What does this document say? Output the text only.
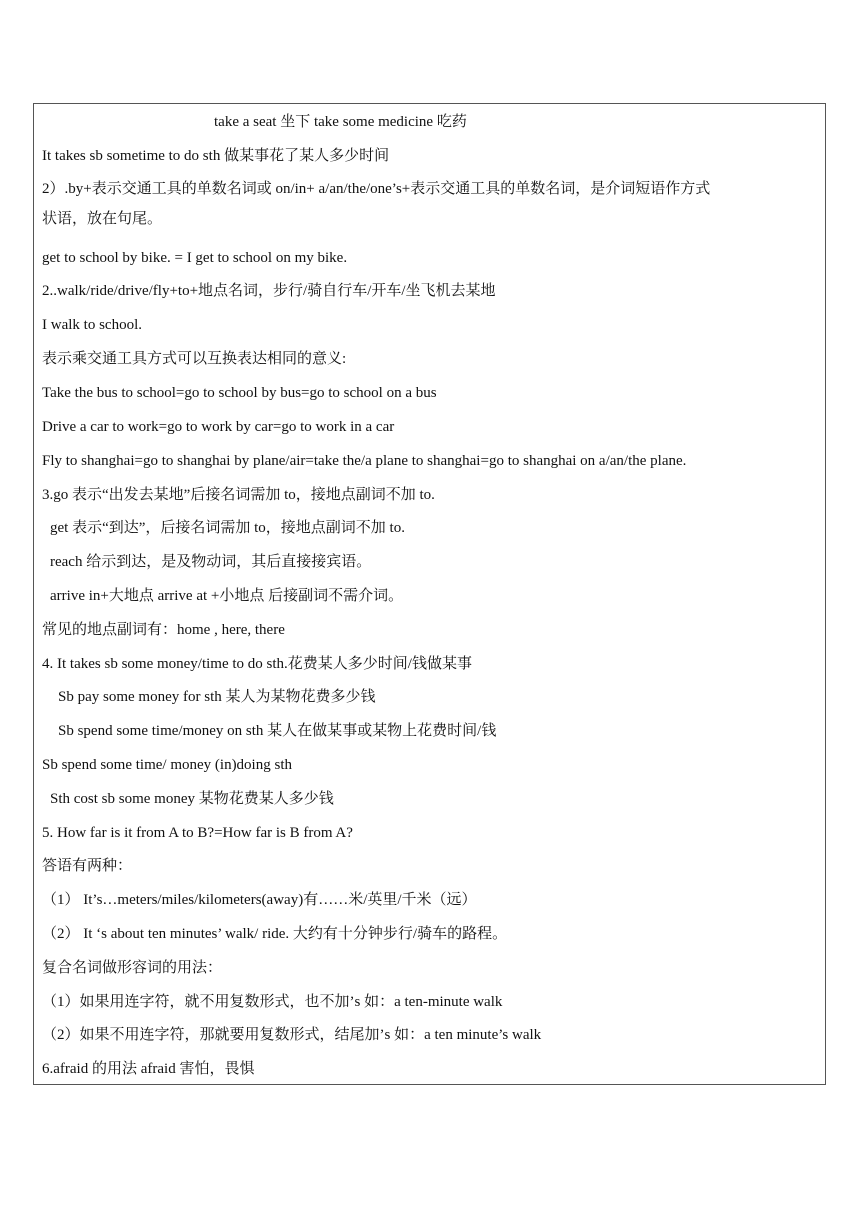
take a seat 坐下 take some medicine 吃药
It takes sb sometime to do sth 做某事花了某人多少时间
2）.by+表示交通工具的单数名词或 on/in+ a/an/the/one’s+表示交通工具的单数名词，是介词短语作方式
状语，放在句尾。
get to school by bike. = I get to school on my bike.
2..walk/ride/drive/fly+to+地点名词，步行/骑自行车/开车/坐飞机去某地
I walk to school.
表示乘交通工具方式可以互换表达相同的意义:
Take the bus to school=go to school by bus=go to school on a bus
Drive a car to work=go to work by car=go to work in a car
Fly to shanghai=go to shanghai by plane/air=take the/a plane to shanghai=go to shanghai on a/an/the plane.
3.go 表示“出发去某地”后接名词需加 to，接地点副词不加 to.
get 表示“到达”，后接名词需加 to，接地点副词不加 to.
reach 给示到达，是及物动词，其后直接接宾语。
arrive in+大地点 arrive at +小地点 后接副词不需介词。
常见的地点副词有：home , here, there
4. It takes sb some money/time to do sth.花费某人多少时间/钱做某事
Sb pay some money for sth 某人为某物花费多少钱
Sb spend some time/money on sth 某人在做某事或某物上花费时间/钱
Sb spend some time/ money (in)doing sth
Sth cost sb some money 某物花费某人多少钱
5. How far is it from A to B?=How far is B from A?
答语有两种：
（1） It’s…meters/miles/kilometers(away)有……米/英里/千米（远）
（2） It ‘s about ten minutes’ walk/ ride. 大约有十分钟步行/骑车的路程。
复合名词做形容词的用法：
（1）如果用连字符，就不用复数形式，也不加’s 如：a ten-minute walk
（2）如果不用连字符，那就要用复数形式，结尾加’s 如：a ten minute’s walk
6.afraid 的用法 afraid 害怕，畏惧
